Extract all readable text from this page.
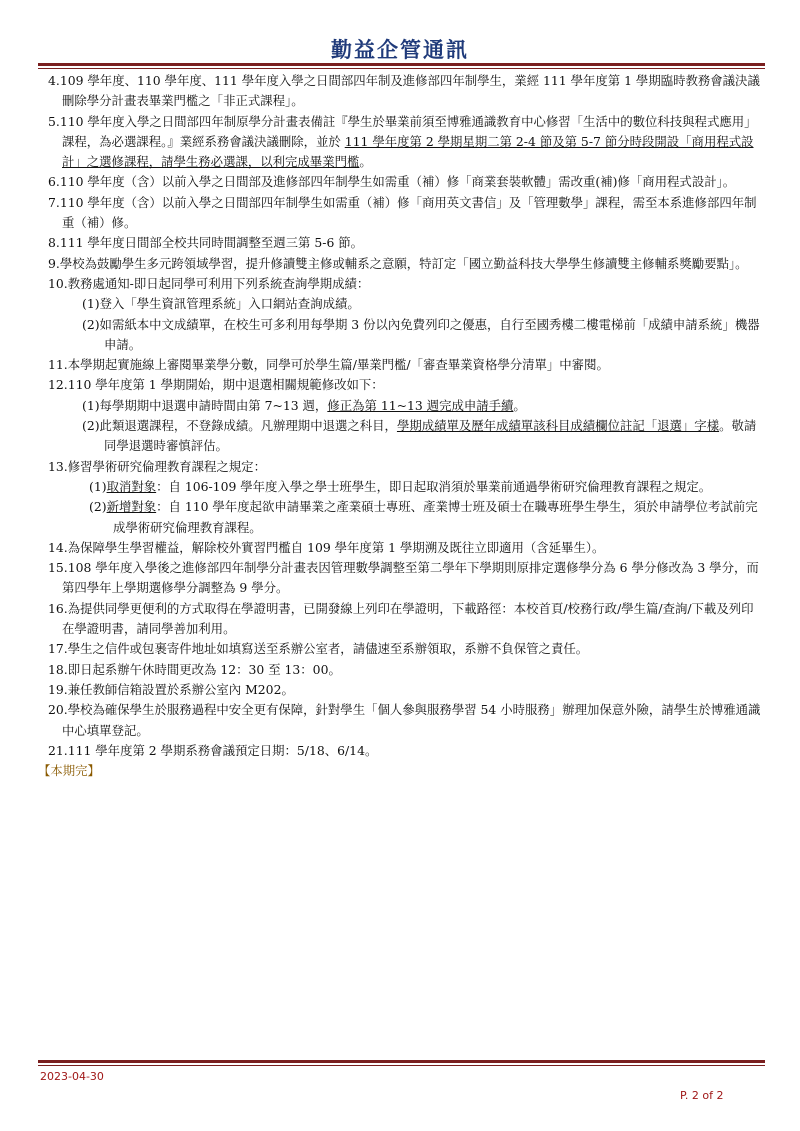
勤益企管通訊
4.109 學年度、110 學年度、111 學年度入學之日間部四年制及進修部四年制學生，業經 111 學年度第 1 學期臨時教務會議決議刪除學分計畫表畢業門檻之「非正式課程」。
5.110 學年度入學之日間部四年制原學分計畫表備註『學生於畢業前須至博雅通識教育中心修習「生活中的數位科技與程式應用」課程，為必選課程。』業經系務會議決議刪除，並於 111 學年度第 2 學期星期二第 2-4 節及第 5-7 節分時段開設「商用程式設計」之選修課程，請學生務必選課，以利完成畢業門檻。
6.110 學年度（含）以前入學之日間部及進修部四年制學生如需重（補）修「商業套裝軟體」需改重(補)修「商用程式設計」。
7.110 學年度（含）以前入學之日間部四年制學生如需重（補）修「商用英文書信」及「管理數學」課程，需至本系進修部四年制重（補）修。
8.111 學年度日間部全校共同時間調整至週三第 5-6 節。
9.學校為鼓勵學生多元跨領域學習，提升修讀雙主修或輔系之意願，特訂定「國立勤益科技大學學生修讀雙主修輔系獎勵要點」。
10.教務處通知-即日起同學可利用下列系統查詢學期成績：
(1)登入「學生資訊管理系統」入口網站查詢成績。
(2)如需紙本中文成績單，在校生可多利用每學期 3 份以內免費列印之優惠，自行至國秀樓二樓電梯前「成績申請系統」機器申請。
11.本學期起實施線上審閱畢業學分數，同學可於學生篇/畢業門檻/「審查畢業資格學分清單」中審閱。
12.110 學年度第 1 學期開始，期中退選相關規範修改如下：
(1)每學期期中退選申請時間由第 7~13 週，修正為第 11~13 週完成申請手續。
(2)此類退選課程，不登錄成績。凡辦理期中退選之科目，學期成績單及歷年成績單該科目成績欄位註記「退選」字樣。敬請同學退選時審慎評估。
13.修習學術研究倫理教育課程之規定：
(1)取消對象：自 106-109 學年度入學之學士班學生，即日起取消須於畢業前通過學術研究倫理教育課程之規定。
(2)新增對象：自 110 學年度起欲申請畢業之產業碩士專班、產業博士班及碩士在職專班學生學生，須於申請學位考試前完成學術研究倫理教育課程。
14.為保障學生學習權益，解除校外實習門檻自 109 學年度第 1 學期溯及既往立即適用（含延畢生）。
15.108 學年度入學後之進修部四年制學分計畫表因管理數學調整至第二學年下學期則原排定選修學分為 6 學分修改為 3 學分，而第四學年上學期選修學分調整為 9 學分。
16.為提供同學更便利的方式取得在學證明書，已開發線上列印在學證明，下載路徑：本校首頁/校務行政/學生篇/查詢/下載及列印在學證明書，請同學善加利用。
17.學生之信件或包裹寄件地址如填寫送至系辦公室者，請儘速至系辦領取，系辦不負保管之責任。
18.即日起系辦午休時間更改為 12：30 至 13：00。
19.兼任教師信箱設置於系辦公室內 M202。
20.學校為確保學生於服務過程中安全更有保障，針對學生「個人參與服務學習 54 小時服務」辦理加保意外險，請學生於博雅通識中心填單登記。
21.111 學年度第 2 學期系務會議預定日期：5/18、6/14。
【本期完】
2023-04-30
P. 2 of 2
